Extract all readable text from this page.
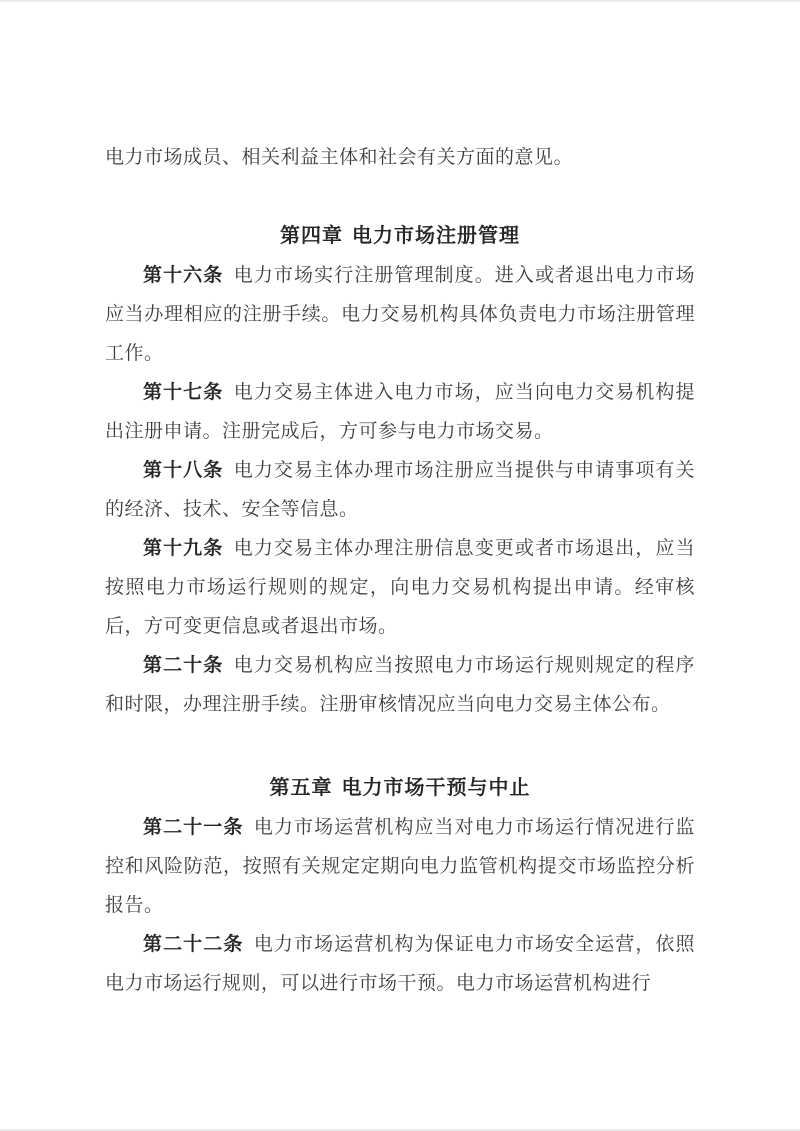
电力市场成员、相关利益主体和社会有关方面的意见。

第四章 电力市场注册管理

第十六条 电力市场实行注册管理制度。进入或者退出电力市场应当办理相应的注册手续。电力交易机构具体负责电力市场注册管理工作。

第十七条 电力交易主体进入电力市场，应当向电力交易机构提出注册申请。注册完成后，方可参与电力市场交易。

第十八条 电力交易主体办理市场注册应当提供与申请事项有关的经济、技术、安全等信息。

第十九条 电力交易主体办理注册信息变更或者市场退出，应当按照电力市场运行规则的规定，向电力交易机构提出申请。经审核后，方可变更信息或者退出市场。

第二十条 电力交易机构应当按照电力市场运行规则规定的程序和时限，办理注册手续。注册审核情况应当向电力交易主体公布。

第五章 电力市场干预与中止

第二十一条 电力市场运营机构应当对电力市场运行情况进行监控和风险防范，按照有关规定定期向电力监管机构提交市场监控分析报告。

第二十二条 电力市场运营机构为保证电力市场安全运营，依照电力市场运行规则，可以进行市场干预。电力市场运营机构进行
